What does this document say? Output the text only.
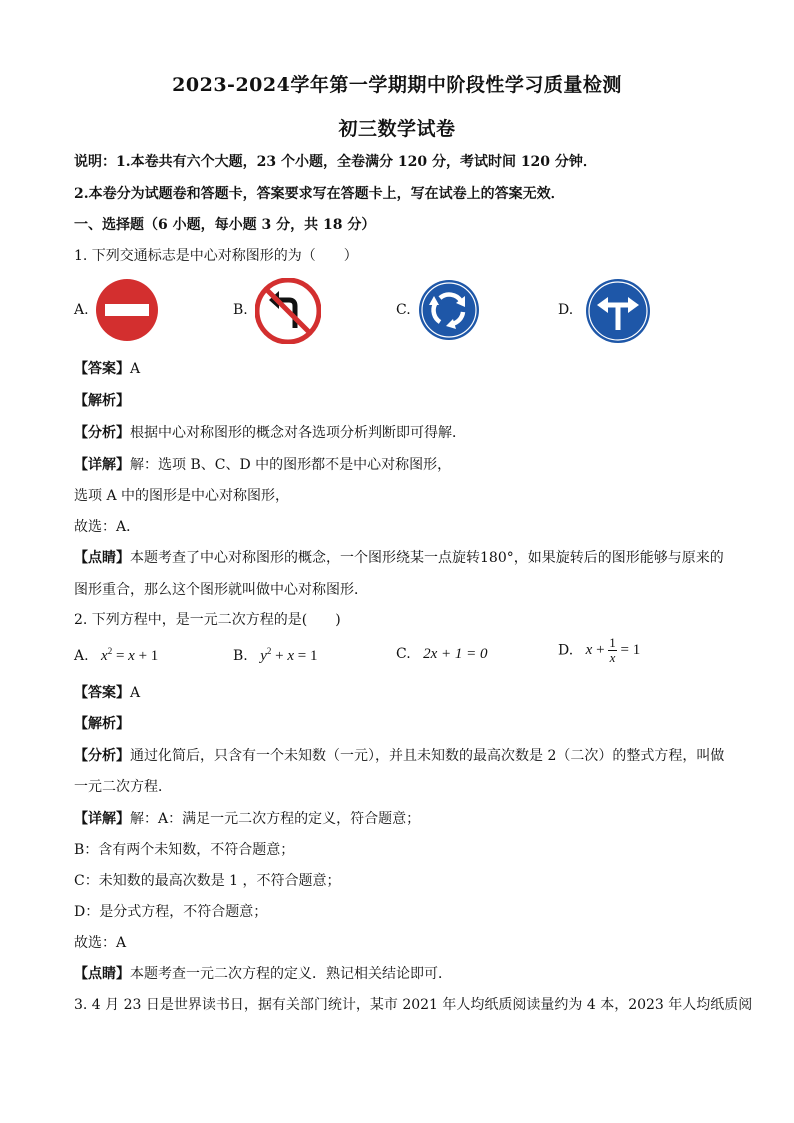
2023-2024学年第一学期期中阶段性学习质量检测
初三数学试卷
说明：1.本卷共有六个大题，23 个小题，全卷满分 120 分，考试时间 120 分钟．
2.本卷分为试题卷和答题卡，答案要求写在答题卡上，写在试卷上的答案无效．
一、选择题（6 小题，每小题 3 分，共 18 分）
1. 下列交通标志是中心对称图形的为（　　）
A.	B.	C.	D.
【答案】A
【解析】
【分析】根据中心对称图形的概念对各选项分析判断即可得解．
【详解】解：选项 B、C、D 中的图形都不是中心对称图形，
选项 A 中的图形是中心对称图形，
故选：A．
【点睛】本题考查了中心对称图形的概念，一个图形绕某一点旋转180°，如果旋转后的图形能够与原来的
图形重合，那么这个图形就叫做中心对称图形．
2. 下列方程中，是一元二次方程的是(　　)
A. $x^2 = x + 1$	B. $y^2 + x = 1$	C. 2x + 1 = 0	D. $x + \frac{1}{x} = 1$
【答案】A
【解析】
【分析】通过化简后，只含有一个未知数（一元），并且未知数的最高次数是 2（二次）的整式方程，叫做
一元二次方程．
【详解】解：A：满足一元二次方程的定义，符合题意；
B：含有两个未知数，不符合题意；
C：未知数的最高次数是 1 ，不符合题意；
D：是分式方程，不符合题意；
故选：A
【点睛】本题考查一元二次方程的定义．熟记相关结论即可．
3. 4 月 23 日是世界读书日，据有关部门统计，某市 2021 年人均纸质阅读量约为 4 本，2023 年人均纸质阅
